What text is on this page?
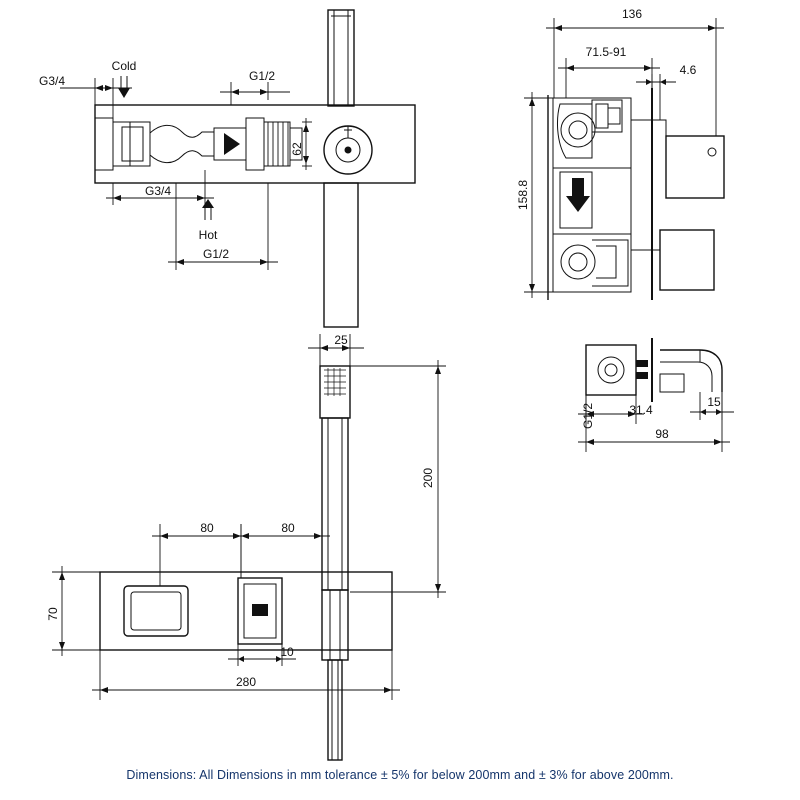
G3/4
Cold
G1/2
62
G3/4
Hot
G1/2
136
71.5-91
4.6
158.8
G1/2	31.4
15
98
25
200
80	80
70
10
280
Dimensions: All Dimensions in mm tolerance ± 5% for below 200mm and ± 3% for above 200mm.
